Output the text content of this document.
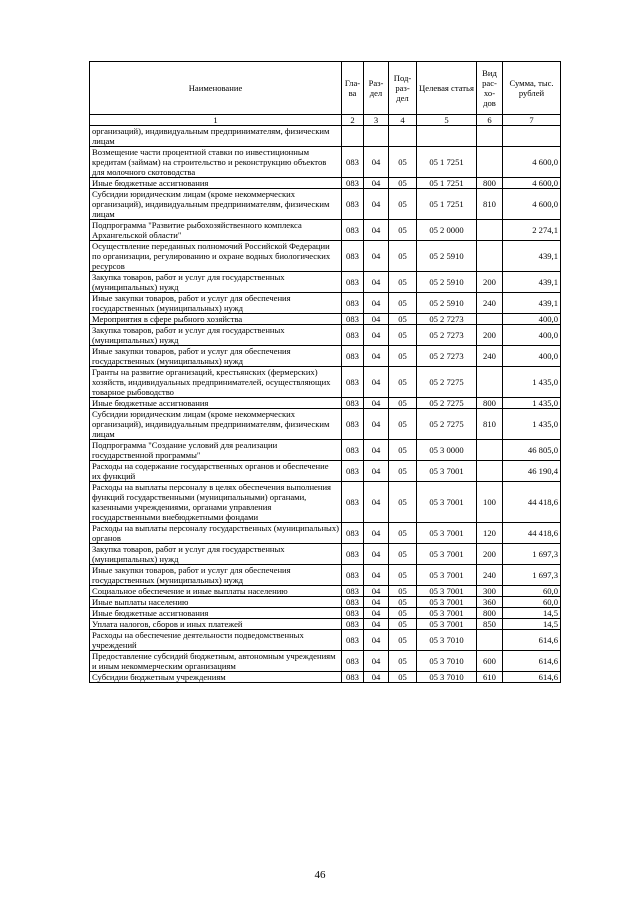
Наименование	Гла-ва	Раз-дел	Под-раз-дел	Целевая статья	Вид рас-хо-дов	Сумма, тыс. рублей
1	2	3	4	5	6	7
организаций), индивидуальным предпринимателям, физическим лицам						
Возмещение части процентной ставки по инвестиционным кредитам (займам) на строительство и реконструкцию объектов для молочного скотоводства	083	04	05	05 1 7251		4 600,0
Иные бюджетные ассигнования	083	04	05	05 1 7251	800	4 600,0
Субсидии юридическим лицам (кроме некоммерческих организаций), индивидуальным предпринимателям, физическим лицам	083	04	05	05 1 7251	810	4 600,0
Подпрограмма "Развитие рыбохозяйственного комплекса Архангельской области"	083	04	05	05 2 0000		2 274,1
Осуществление переданных полномочий Российской Федерации по организации, регулированию и охране водных биологических ресурсов	083	04	05	05 2 5910		439,1
Закупка товаров, работ и услуг для государственных (муниципальных) нужд	083	04	05	05 2 5910	200	439,1
Иные закупки товаров, работ и услуг для обеспечения государственных (муниципальных) нужд	083	04	05	05 2 5910	240	439,1
Мероприятия в сфере рыбного хозяйства	083	04	05	05 2 7273		400,0
Закупка товаров, работ и услуг для государственных (муниципальных) нужд	083	04	05	05 2 7273	200	400,0
Иные закупки товаров, работ и услуг для обеспечения государственных (муниципальных) нужд	083	04	05	05 2 7273	240	400,0
Гранты на развитие организаций, крестьянских (фермерских) хозяйств, индивидуальных предпринимателей, осуществляющих товарное рыбоводство	083	04	05	05 2 7275		1 435,0
Иные бюджетные ассигнования	083	04	05	05 2 7275	800	1 435,0
Субсидии юридическим лицам (кроме некоммерческих организаций), индивидуальным предпринимателям, физическим лицам	083	04	05	05 2 7275	810	1 435,0
Подпрограмма "Создание условий для реализации государственной программы"	083	04	05	05 3 0000		46 805,0
Расходы на содержание государственных органов и обеспечение их функций	083	04	05	05 3 7001		46 190,4
Расходы на выплаты персоналу в целях обеспечения выполнения функций государственными (муниципальными) органами, казенными учреждениями, органами управления государственными внебюджетными фондами	083	04	05	05 3 7001	100	44 418,6
Расходы на выплаты персоналу государственных (муниципальных) органов	083	04	05	05 3 7001	120	44 418,6
Закупка товаров, работ и услуг для государственных (муниципальных) нужд	083	04	05	05 3 7001	200	1 697,3
Иные закупки товаров, работ и услуг для обеспечения государственных (муниципальных) нужд	083	04	05	05 3 7001	240	1 697,3
Социальное обеспечение и иные выплаты населению	083	04	05	05 3 7001	300	60,0
Иные выплаты населению	083	04	05	05 3 7001	360	60,0
Иные бюджетные ассигнования	083	04	05	05 3 7001	800	14,5
Уплата налогов, сборов и иных платежей	083	04	05	05 3 7001	850	14,5
Расходы на обеспечение деятельности подведомственных учреждений	083	04	05	05 3 7010		614,6
Предоставление субсидий бюджетным, автономным учреждениям и иным некоммерческим организациям	083	04	05	05 3 7010	600	614,6
Субсидии бюджетным учреждениям	083	04	05	05 3 7010	610	614,6
46
